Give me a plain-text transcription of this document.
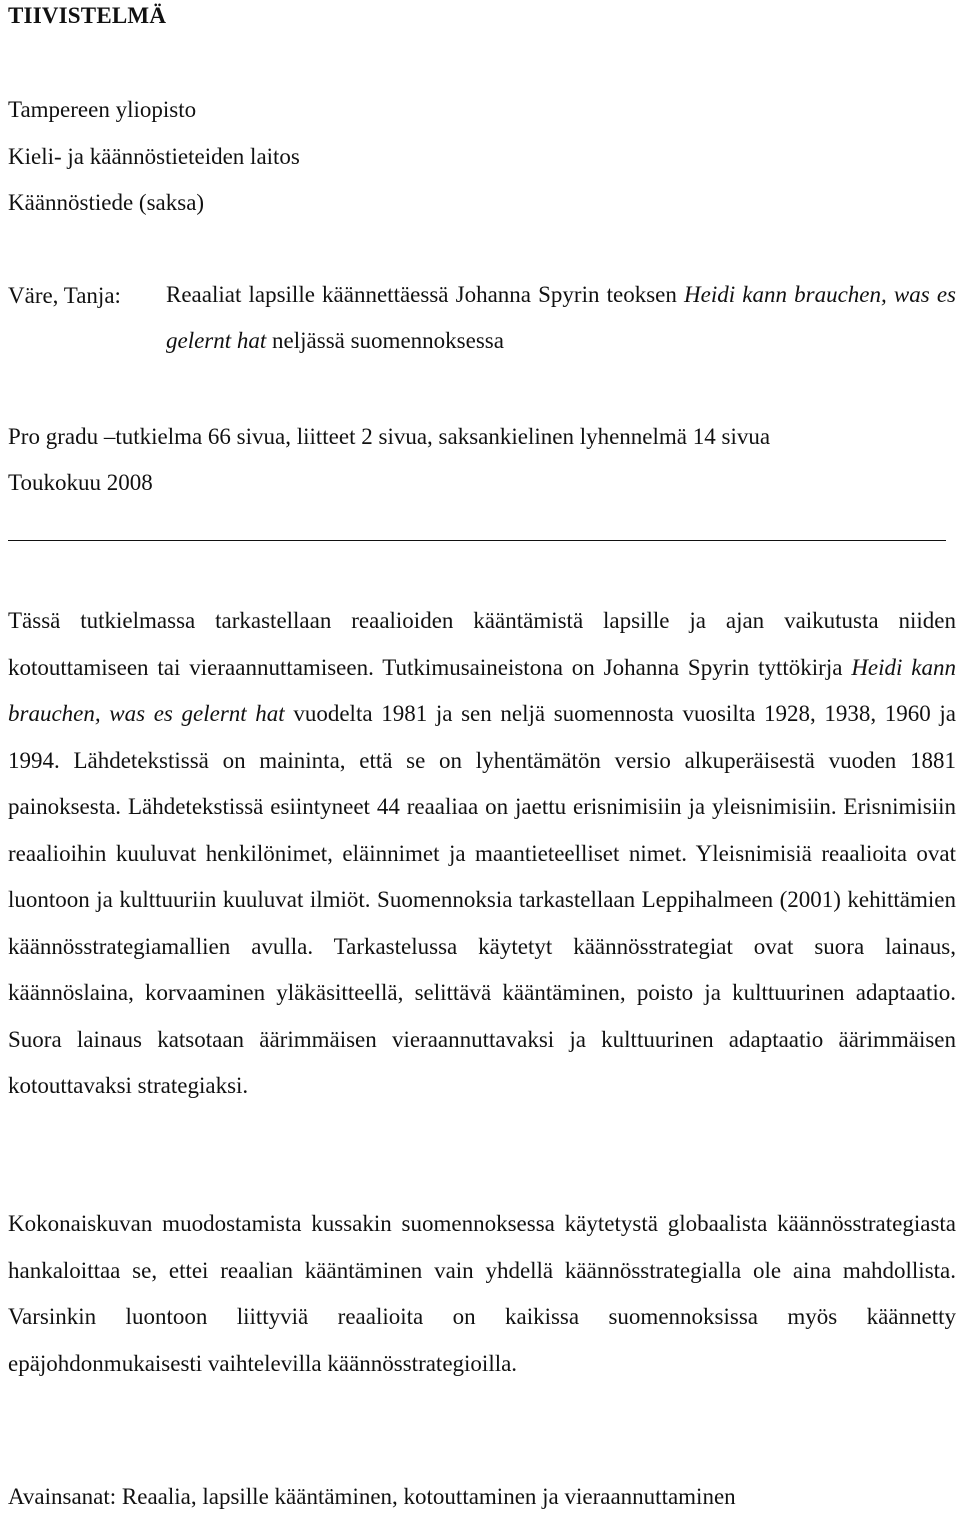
TIIVISTELMÄ
Tampereen yliopisto
Kieli- ja käännöstieteiden laitos
Käännöstiede (saksa)
Väre, Tanja: Reaaliat lapsille käännettäessä Johanna Spyrin teoksen Heidi kann brauchen, was es gelernt hat neljässä suomennoksessa
Pro gradu –tutkielma 66 sivua, liitteet 2 sivua, saksankielinen lyhennelmä 14 sivua
Toukokuu 2008
Tässä tutkielmassa tarkastellaan reaalioiden kääntämistä lapsille ja ajan vaikutusta niiden kotouttamiseen tai vieraannuttamiseen. Tutkimusaineistona on Johanna Spyrin tyttökirja Heidi kann brauchen, was es gelernt hat vuodelta 1981 ja sen neljä suomennosta vuosilta 1928, 1938, 1960 ja 1994. Lähdetekstissä on maininta, että se on lyhentämätön versio alkuperäisestä vuoden 1881 painoksesta. Lähdetekstissä esiintyneet 44 reaaliaa on jaettu erisnimisiin ja yleisnimisiin. Erisnimisiin reaalioihin kuuluvat henkilönimet, eläinnimet ja maantieteelliset nimet. Yleisnimisiä reaalioita ovat luontoon ja kulttuuriin kuuluvat ilmiöt. Suomennoksia tarkastellaan Leppihalmeen (2001) kehittämien käännösstrategiamallien avulla. Tarkastelussa käytetyt käännösstrategiat ovat suora lainaus, käännöslaina, korvaaminen yläkäsitteellä, selittävä kääntäminen, poisto ja kulttuurinen adaptaatio. Suora lainaus katsotaan äärimmäisen vieraannuttavaksi ja kulttuurinen adaptaatio äärimmäisen kotouttavaksi strategiaksi.
Kokonaiskuvan muodostamista kussakin suomennoksessa käytetystä globaalista käännösstrategiasta hankaloittaa se, ettei reaalian kääntäminen vain yhdellä käännösstrategialla ole aina mahdollista. Varsinkin luontoon liittyviä reaalioita on kaikissa suomennoksissa myös käännetty epäjohdonmukaisesti vaihtelevilla käännösstrategioilla.
Avainsanat: Reaalia, lapsille kääntäminen, kotouttaminen ja vieraannuttaminen
